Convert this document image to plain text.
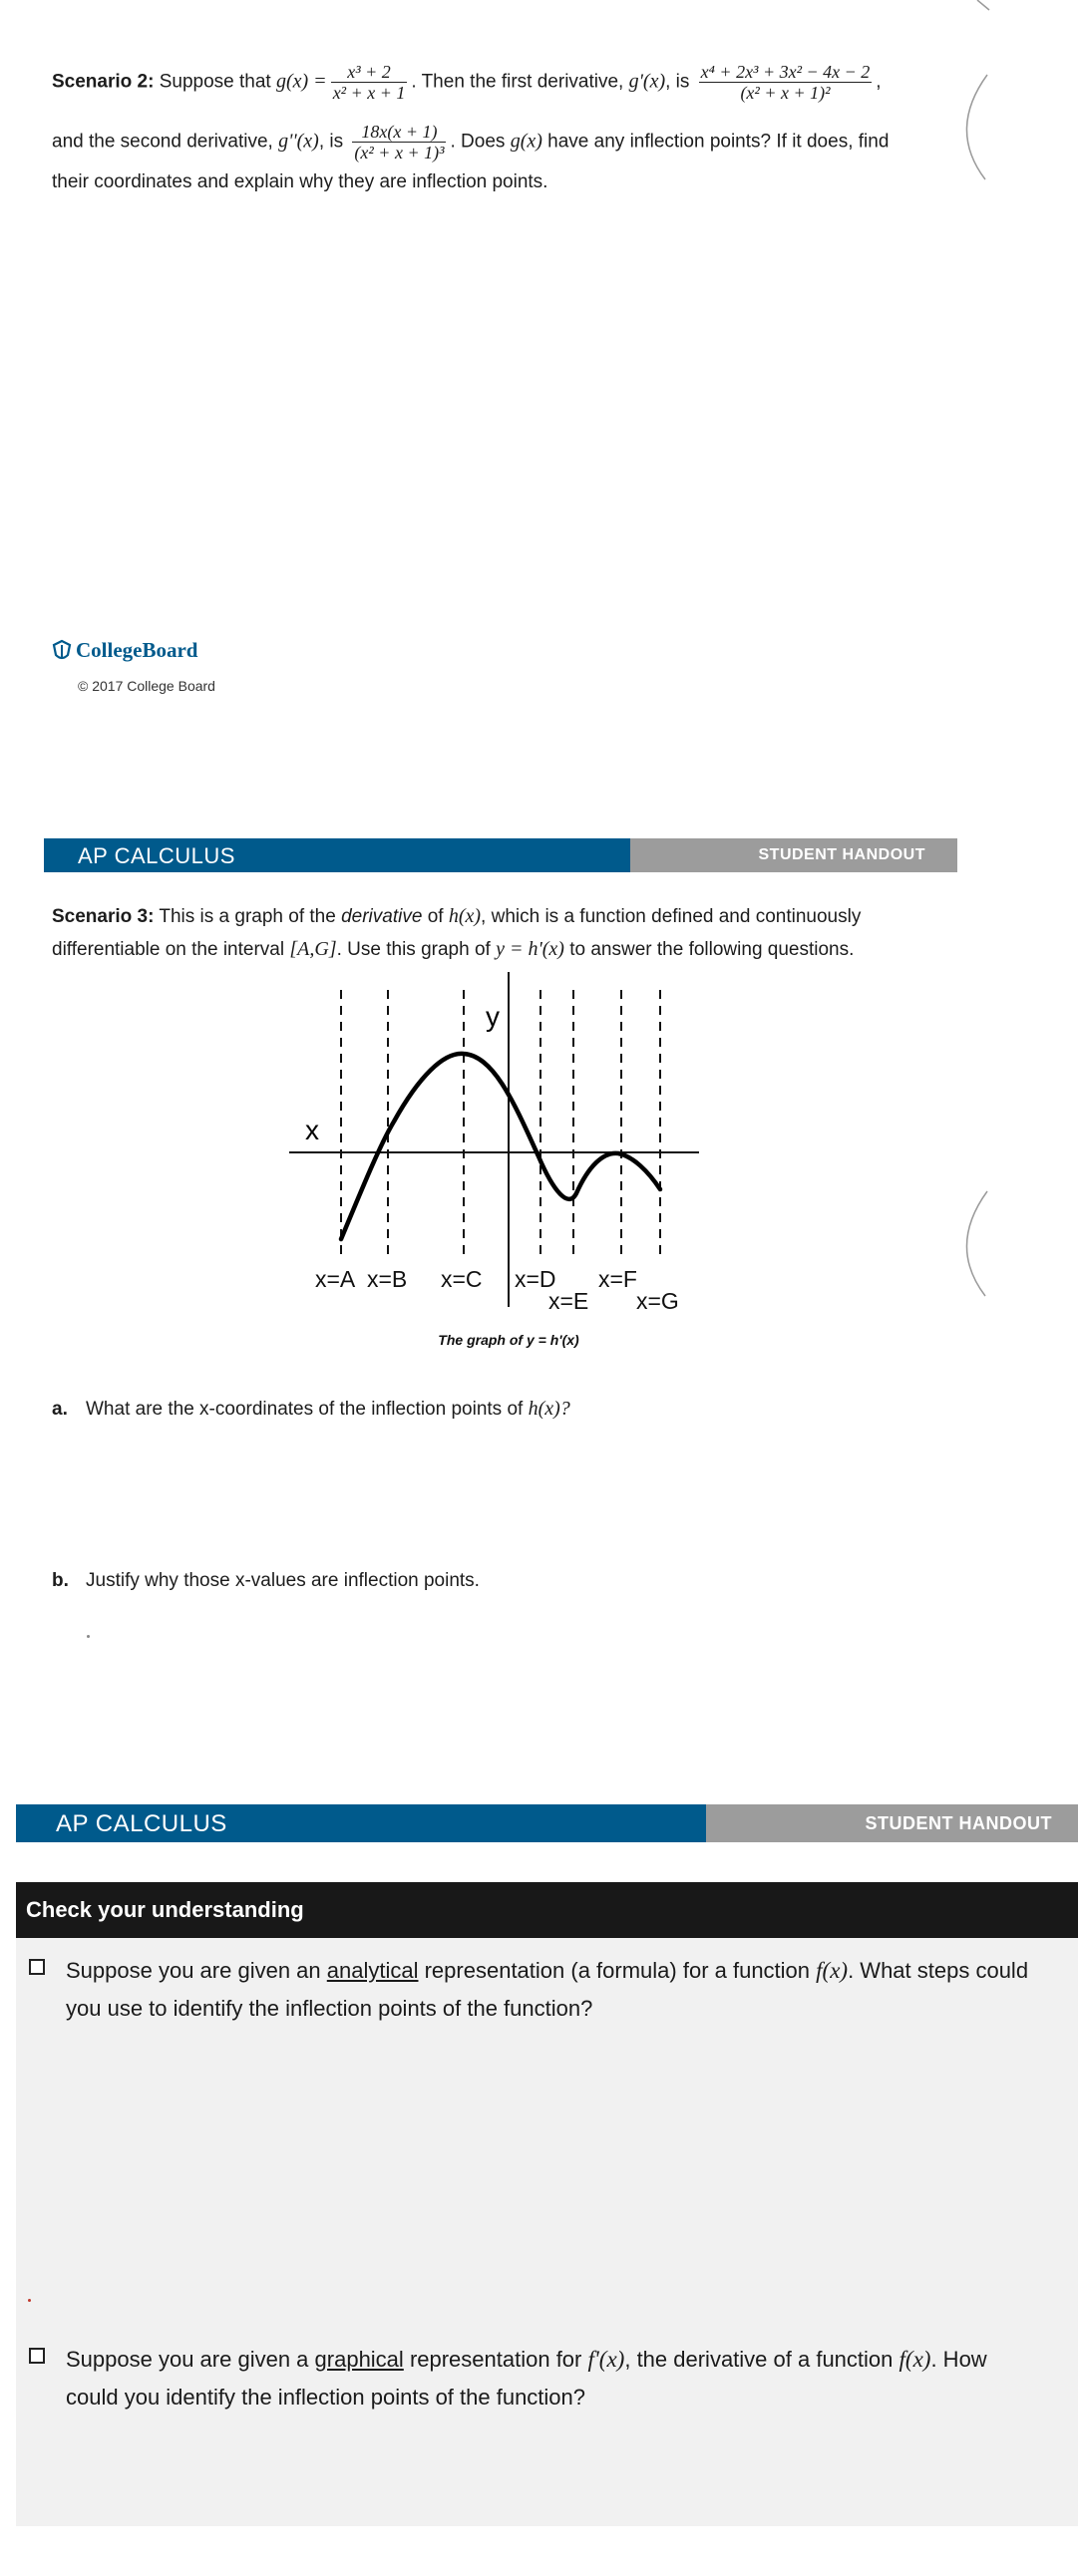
Scenario 2: Suppose that $g(x) = \frac{\text{x³ + 2}}{\text{x² + x + 1}}$ . Then the first derivative, g'(x), is $\frac{\text{x⁴ + 2x³ + 3x² − 4x − 2}}{\text{(x² + x + 1)²}}$ ,
and the second derivative, g''(x), is $\frac{18x(x + 1)}{\text{(x² + x + 1)³}}$ . Does g(x) have any inflection points? If it does, find
their coordinates and explain why they are inflection points.
CollegeBoard
© 2017 College Board
AP CALCULUS	STUDENT HANDOUT
Scenario 3: This is a graph of the derivative of h(x), which is a function defined and continuously
differentiable on the interval [A,G]. Use this graph of y = h'(x) to answer the following questions.
y
x
x=A x=B x=C x=D
x=E
x=F
x=G
The graph of y = h'(x)
a. What are the x-coordinates of the inflection points of h(x)?
b. Justify why those x-values are inflection points.
AP CALCULUS	STUDENT HANDOUT
Check your understanding
Suppose you are given an analytical representation (a formula) for a function f(x). What steps could
you use to identify the inflection points of the function?
Suppose you are given a graphical representation for f'(x), the derivative of a function f(x). How
could you identify the inflection points of the function?
